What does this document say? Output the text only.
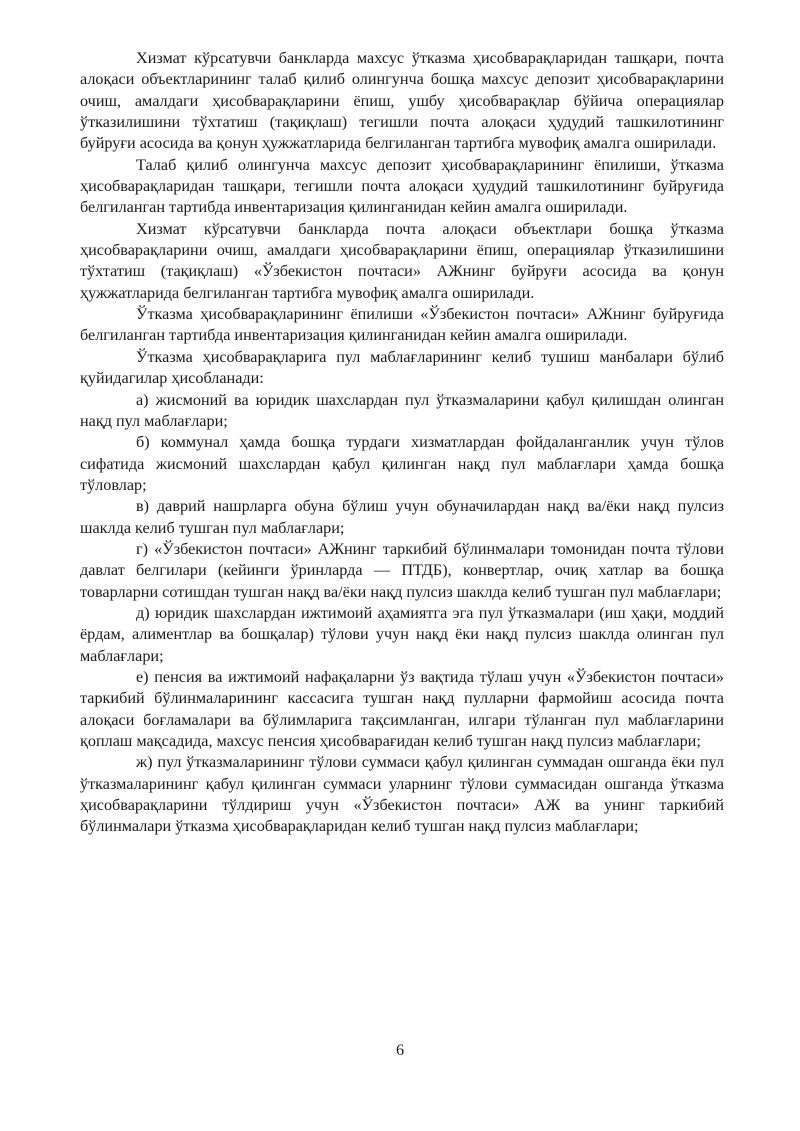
Хизмат кўрсатувчи банкларда махсус ўтказма ҳисобварақларидан ташқари, почта алоқаси объектларининг талаб қилиб олингунча бошқа махсус депозит ҳисобварақларини очиш, амалдаги ҳисобварақларини ёпиш, ушбу ҳисобварақлар бўйича операциялар ўтказилишини тўхтатиш (тақиқлаш) тегишли почта алоқаси ҳудудий ташкилотининг буйруғи асосида ва қонун ҳужжатларида белгиланган тартибга мувофиқ амалга оширилади.

Талаб қилиб олингунча махсус депозит ҳисобварақларининг ёпилиши, ўтказма ҳисобварақларидан ташқари, тегишли почта алоқаси ҳудудий ташкилотининг буйруғида белгиланган тартибда инвентаризация қилинганидан кейин амалга оширилади.

Хизмат кўрсатувчи банкларда почта алоқаси объектлари бошқа ўтказма ҳисобварақларини очиш, амалдаги ҳисобварақларини ёпиш, операциялар ўтказилишини тўхтатиш (тақиқлаш) «Ўзбекистон почтаси» АЖнинг буйруғи асосида ва қонун ҳужжатларида белгиланган тартибга мувофиқ амалга оширилади.

Ўтказма ҳисобварақларининг ёпилиши «Ўзбекистон почтаси» АЖнинг буйруғида белгиланган тартибда инвентаризация қилинганидан кейин амалга оширилади.

Ўтказма ҳисобварақларига пул маблағларининг келиб тушиш манбалари бўлиб қуйидагилар ҳисобланади:

а) жисмоний ва юридик шахслардан пул ўтказмаларини қабул қилишдан олинган нақд пул маблағлари;

б) коммунал ҳамда бошқа турдаги хизматлардан фойдаланганлик учун тўлов сифатида жисмоний шахслардан қабул қилинган нақд пул маблағлари ҳамда бошқа тўловлар;

в) даврий нашрларга обуна бўлиш учун обуначилардан нақд ва/ёки нақд пулсиз шаклда келиб тушган пул маблағлари;

г) «Ўзбекистон почтаси» АЖнинг таркибий бўлинмалари томонидан почта тўлови давлат белгилари (кейинги ўринларда — ПТДБ), конвертлар, очиқ хатлар ва бошқа товарларни сотишдан тушган нақд ва/ёки нақд пулсиз шаклда келиб тушган пул маблағлари;

д) юридик шахслардан ижтимоий аҳамиятга эга пул ўтказмалари (иш ҳақи, моддий ёрдам, алиментлар ва бошқалар) тўлови учун нақд ёки нақд пулсиз шаклда олинган пул маблағлари;

е) пенсия ва ижтимоий нафақаларни ўз вақтида тўлаш учун «Ўзбекистон почтаси» таркибий бўлинмаларининг кассасига тушган нақд пулларни фармойиш асосида почта алоқаси боғламалари ва бўлимларига тақсимланган, илгари тўланган пул маблағларини қоплаш мақсадида, махсус пенсия ҳисобварағидан келиб тушган нақд пулсиз маблағлари;

ж) пул ўтказмаларининг тўлови суммаси қабул қилинган суммадан ошганда ёки пул ўтказмаларининг қабул қилинган суммаси уларнинг тўлови суммасидан ошганда ўтказма ҳисобварақларини тўлдириш учун «Ўзбекистон почтаси» АЖ ва унинг таркибий бўлинмалари ўтказма ҳисобварақларидан келиб тушган нақд пулсиз маблағлари;

6
